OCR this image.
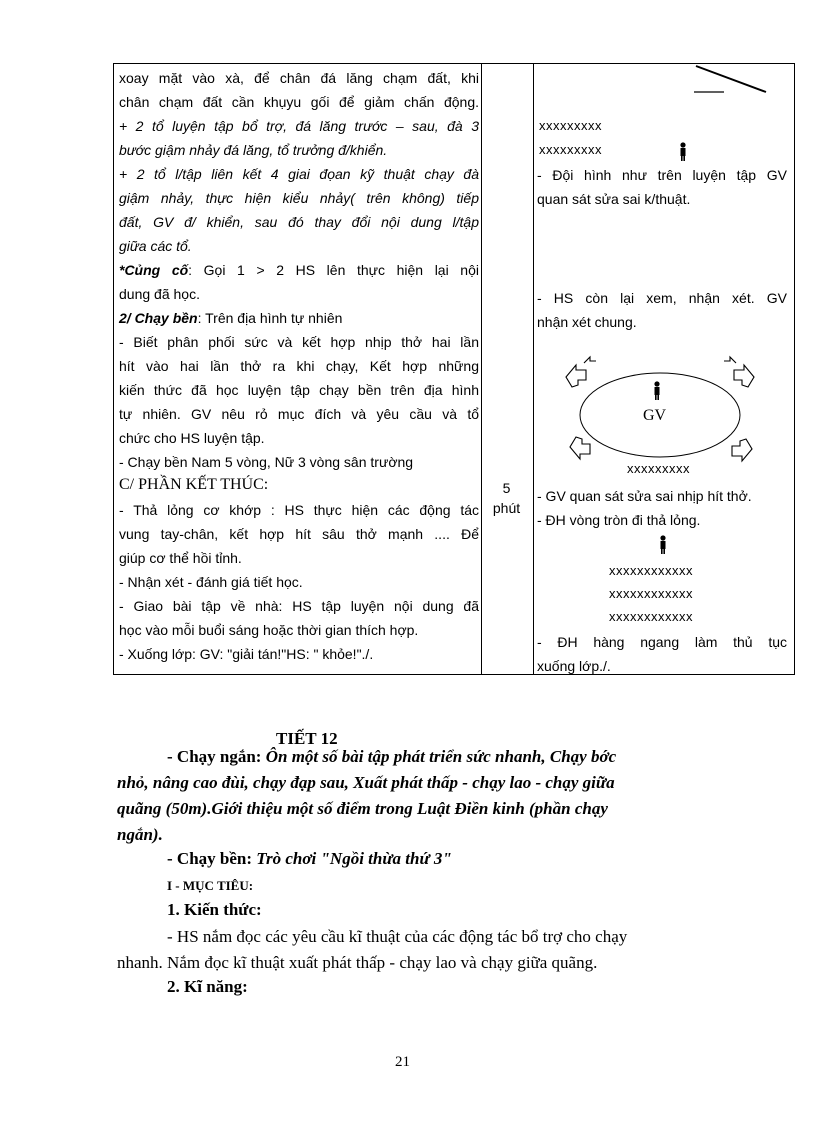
xoay mặt vào xà, để chân đá lăng chạm đất, khi
chân chạm đất cần khụyu gối để giảm chấn động.
+ 2 tổ luyện tập bổ trợ, đá lăng trước – sau, đà 3
bước giậm nhảy đá lăng, tổ trưởng đ/khiển.
+ 2 tổ l/tập liên kết 4 giai đọan kỹ thuật chạy đà
giậm nhảy, thực hiện kiểu nhảy( trên không) tiếp
đất, GV đ/ khiển, sau đó thay đổi nội dung l/tập
giữa các tổ.
*Củng cố: Gọi 1 > 2 HS lên thực hiện lại nội
dung đã học.
2/ Chạy bền: Trên địa hình tự nhiên
- Biết phân phối sức và kết hợp nhịp thở hai lần
hít vào hai lần thở ra khi chạy, Kết hợp những
kiến thức đã học luyện tập chạy bền trên địa hình
tự nhiên. GV nêu rỏ mục đích và yêu cầu và tổ
chức cho HS luyện tập.
- Chạy bền Nam 5 vòng, Nữ 3 vòng sân trường
C/ PHẦN KẾT THÚC:
- Thả lỏng cơ khớp : HS thực hiện các động tác
vung tay-chân, kết hợp hít sâu thở mạnh .... Để
giúp cơ thể hồi tỉnh.
- Nhận xét - đánh giá tiết học.
- Giao bài tập về nhà: HS tập luyện nội dung đã
học vào mỗi buổi sáng hoặc thời gian thích hợp.
- Xuống lớp: GV: "giải tán!"HS: " khỏe!"./.
5
phút
xxxxxxxxx
xxxxxxxxx
- Đội hình như trên luyện tập GV
quan sát sửa sai k/thuật.
- HS còn lại xem, nhận xét. GV
nhận xét chung.
GV
xxxxxxxxx
- GV quan sát sửa sai nhịp hít thở.
- ĐH vòng tròn đi thả lỏng.
xxxxxxxxxxxx
xxxxxxxxxxxx
xxxxxxxxxxxx
- ĐH hàng ngang làm thủ tục
xuống lớp./.
TIẾT 12
- Chạy ngắn: Ôn một số bài tập phát triển sức nhanh, Chạy bớc
nhỏ, nâng cao đùi, chạy đạp sau, Xuất phát thấp - chạy lao - chạy giữa
quãng (50m).Giới thiệu một số điểm trong Luật Điền kinh (phần chạy
ngắn).
- Chạy bền: Trò chơi "Ngồi thừa thứ 3"
I - MỤC TIÊU:
1. Kiến thức:
- HS nắm đọc các yêu cầu kĩ thuật của các động tác bổ trợ cho chạy
nhanh. Nắm đọc kĩ thuật xuất phát thấp - chạy lao và chạy giữa quãng.
2. Kĩ năng:
21
